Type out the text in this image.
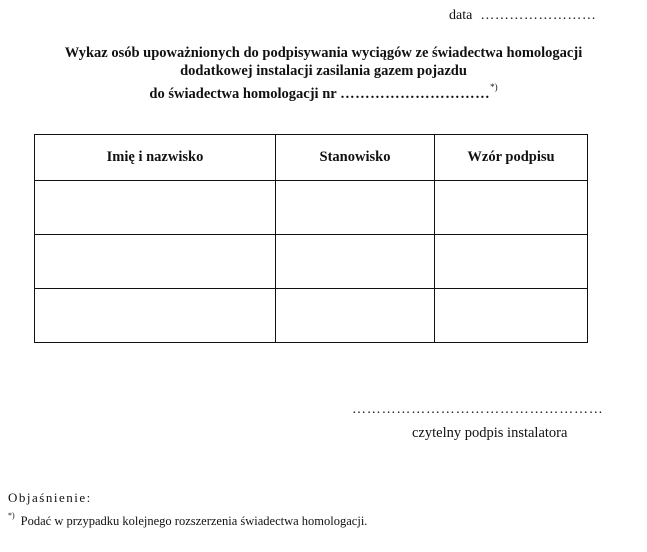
data ……………………
Wykaz osób upoważnionych do podpisywania wyciągów ze świadectwa homologacji
dodatkowej instalacji zasilania gazem pojazdu
do świadectwa homologacji nr …………………………*)
Imię i nazwisko	Stanowisko	Wzór podpisu

……………………………………………
czytelny podpis instalatora
Objaśnienie:
*) Podać w przypadku kolejnego rozszerzenia świadectwa homologacji.
